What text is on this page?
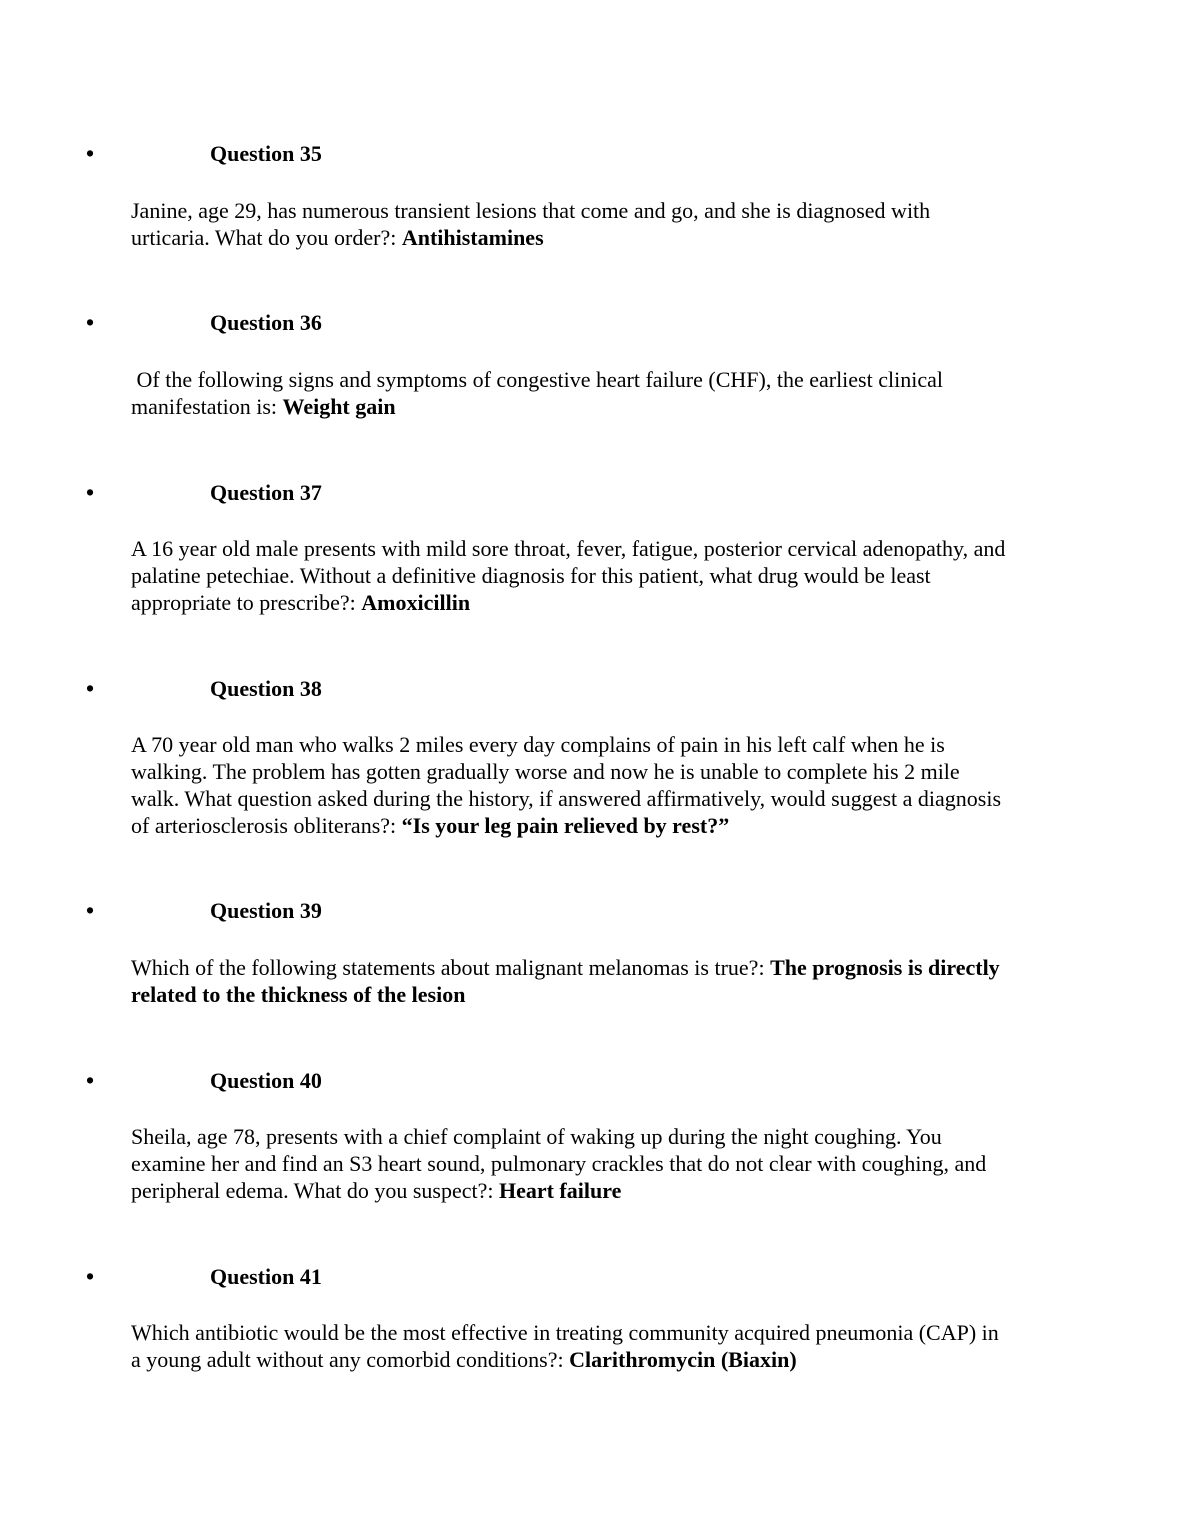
•	Question 35
Janine, age 29, has numerous transient lesions that come and go, and she is diagnosed with urticaria. What do you order?: Antihistamines
•	Question 36
Of the following signs and symptoms of congestive heart failure (CHF), the earliest clinical manifestation is: Weight gain
•	Question 37
A 16 year old male presents with mild sore throat, fever, fatigue, posterior cervical adenopathy, and palatine petechiae. Without a definitive diagnosis for this patient, what drug would be least appropriate to prescribe?: Amoxicillin
•	Question 38
A 70 year old man who walks 2 miles every day complains of pain in his left calf when he is walking. The problem has gotten gradually worse and now he is unable to complete his 2 mile walk. What question asked during the history, if answered affirmatively, would suggest a diagnosis of arteriosclerosis obliterans?: “Is your leg pain relieved by rest?”
•	Question 39
Which of the following statements about malignant melanomas is true?: The prognosis is directly related to the thickness of the lesion
•	Question 40
Sheila, age 78, presents with a chief complaint of waking up during the night coughing. You examine her and find an S3 heart sound, pulmonary crackles that do not clear with coughing, and peripheral edema. What do you suspect?: Heart failure
•	Question 41
Which antibiotic would be the most effective in treating community acquired pneumonia (CAP) in a young adult without any comorbid conditions?: Clarithromycin (Biaxin)
